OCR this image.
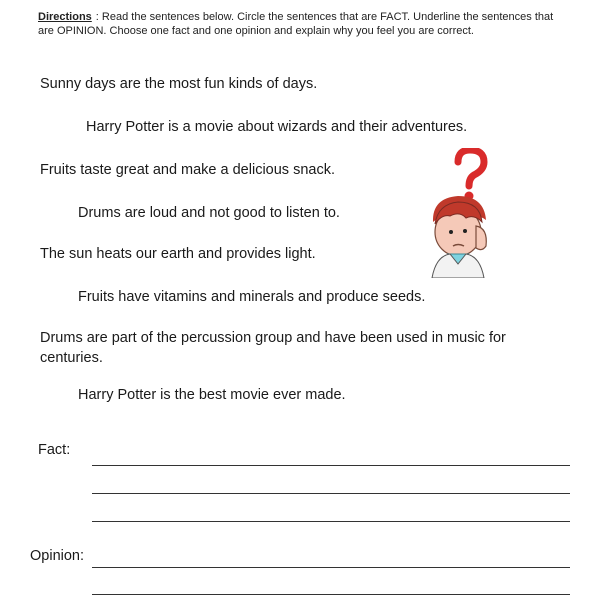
Directions : Read the sentences below. Circle the sentences that are FACT. Underline the sentences that are OPINION. Choose one fact and one opinion and explain why you feel you are correct.
Sunny days are the most fun kinds of days.
Harry Potter is a movie about wizards and their adventures.
Fruits taste great and make a delicious snack.
Drums are loud and not good to listen to.
The sun heats our earth and provides light.
Fruits have vitamins and minerals and produce seeds.
Drums are part of the percussion group and have been used in music for centuries.
Harry Potter is the best movie ever made.
Fact:
Opinion:
